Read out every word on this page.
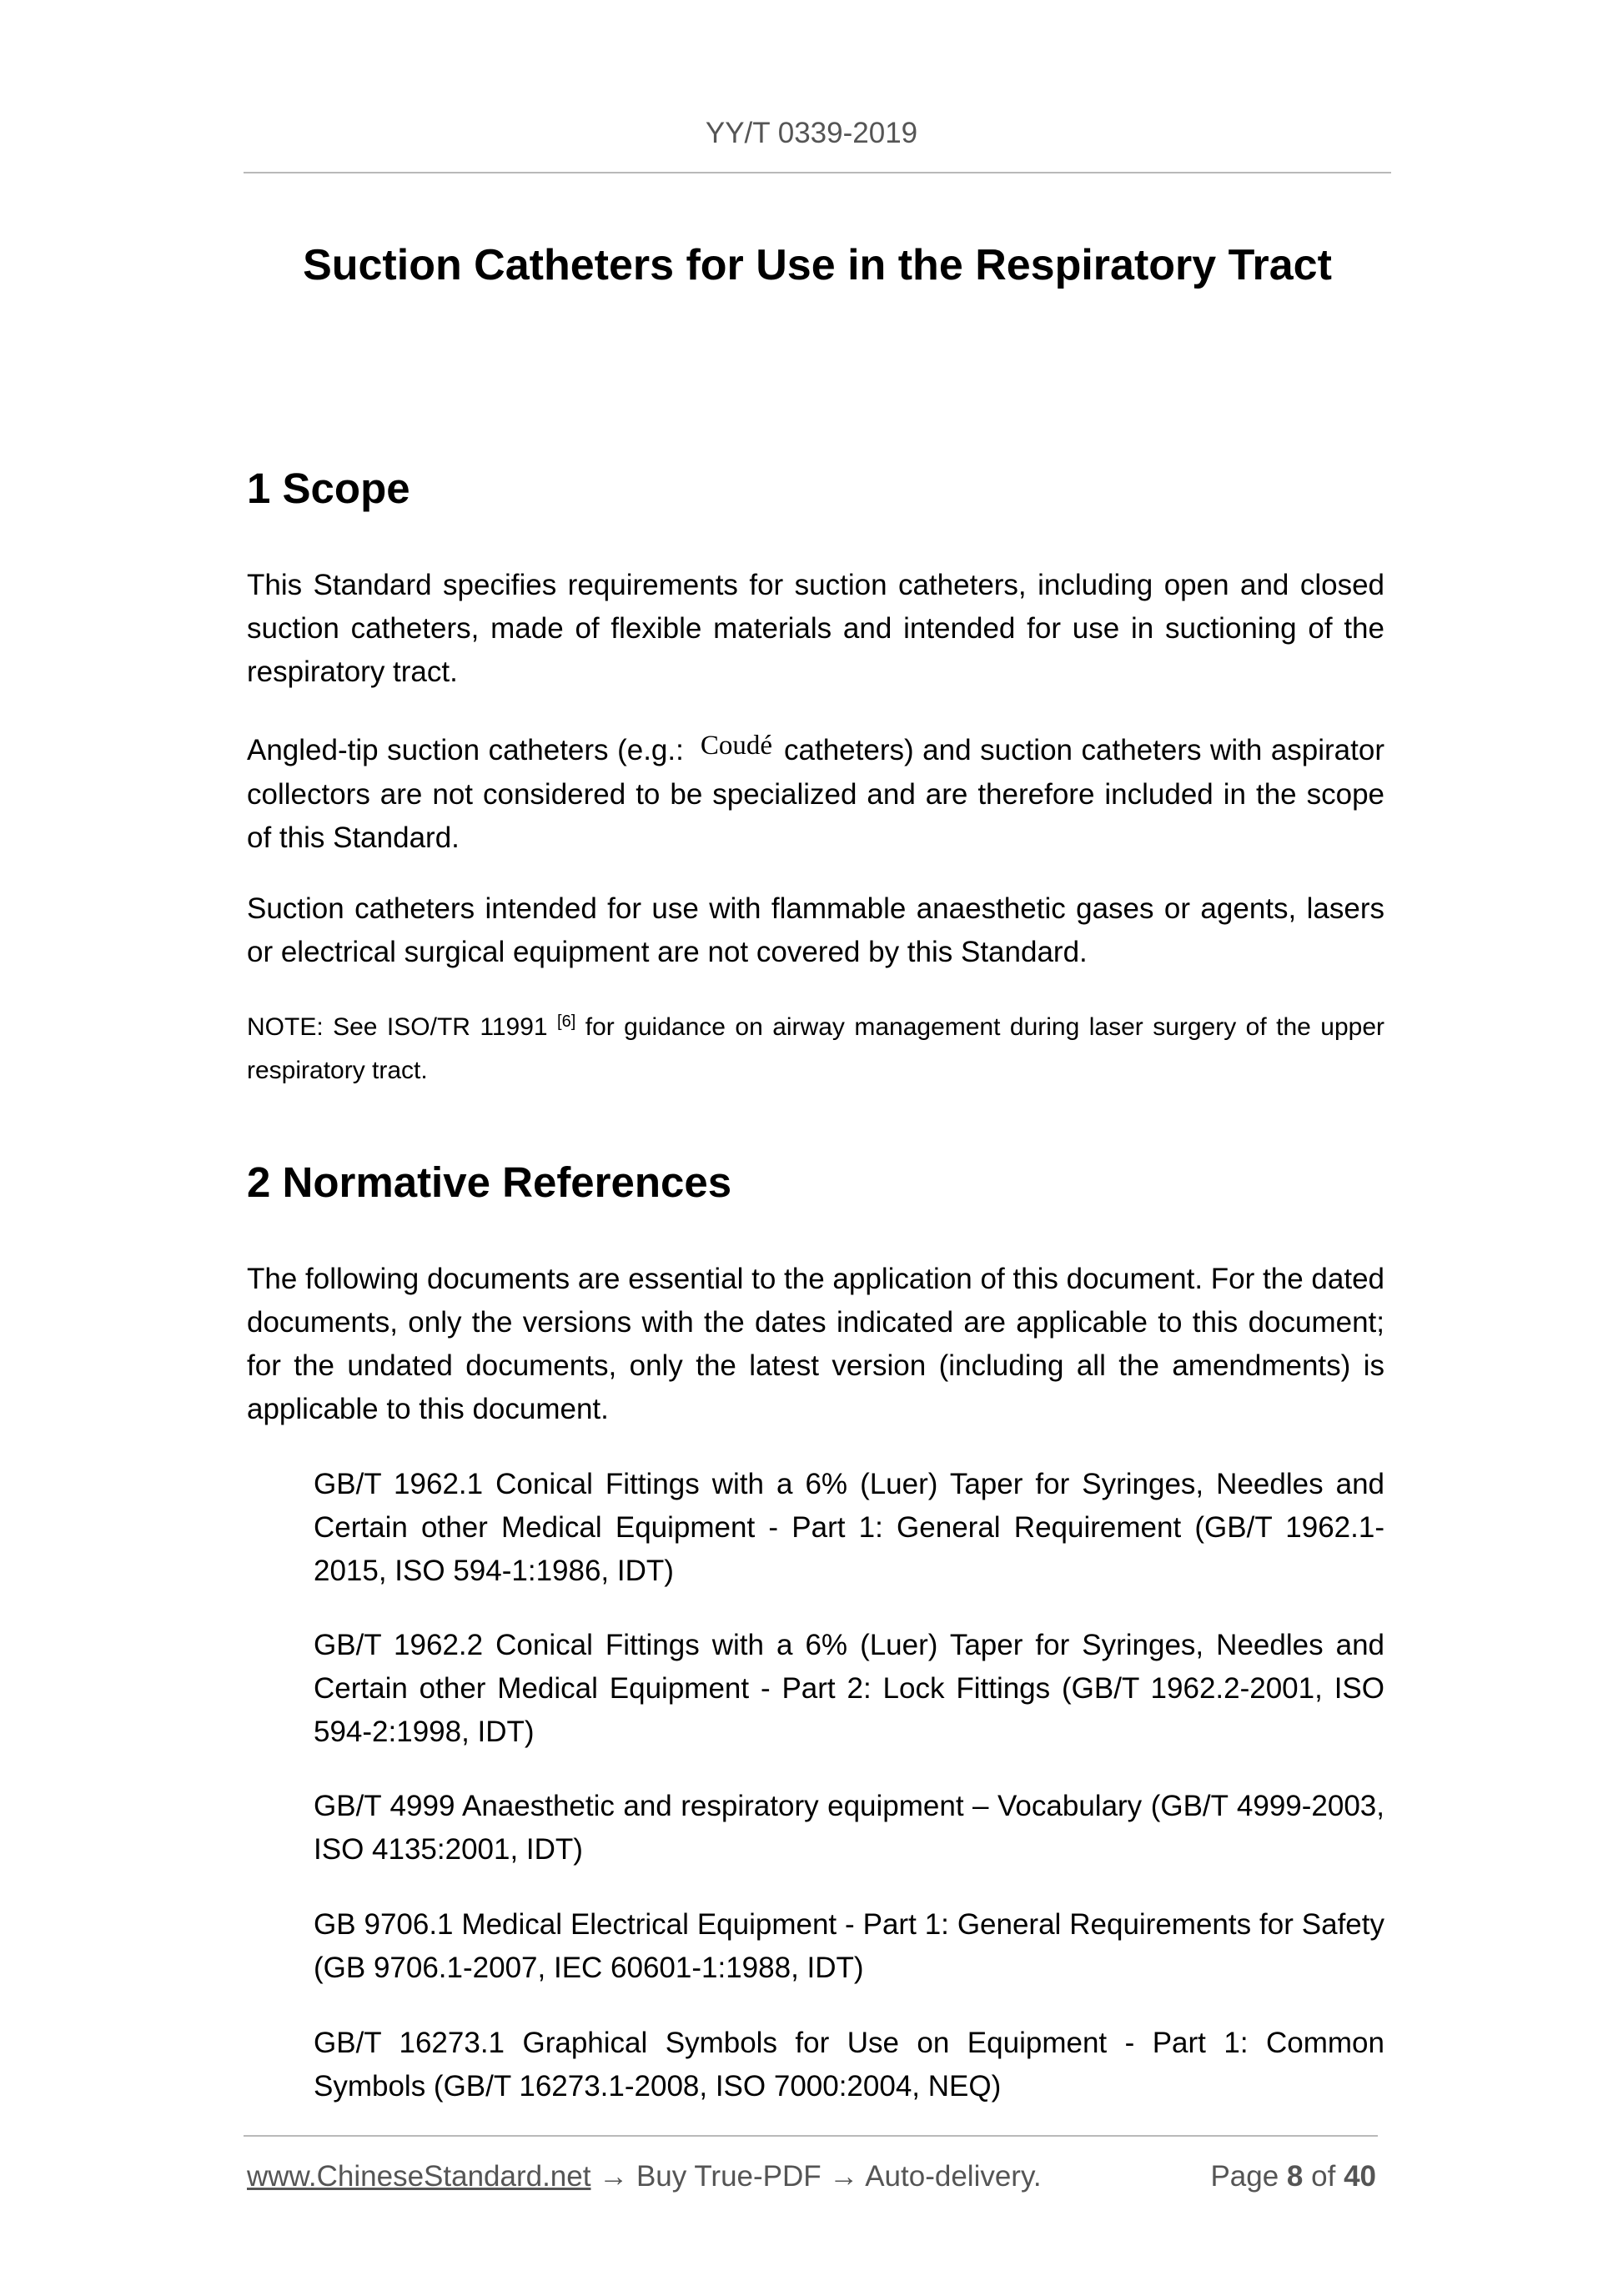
YY/T 0339-2019
Suction Catheters for Use in the Respiratory Tract
1 Scope

This Standard specifies requirements for suction catheters, including open and closed suction catheters, made of flexible materials and intended for use in suctioning of the respiratory tract.

Angled-tip suction catheters (e.g.: Coudé catheters) and suction catheters with aspirator collectors are not considered to be specialized and are therefore included in the scope of this Standard.

Suction catheters intended for use with flammable anaesthetic gases or agents, lasers or electrical surgical equipment are not covered by this Standard.

NOTE: See ISO/TR 11991 [6] for guidance on airway management during laser surgery of the upper respiratory tract.

2 Normative References

The following documents are essential to the application of this document. For the dated documents, only the versions with the dates indicated are applicable to this document; for the undated documents, only the latest version (including all the amendments) is applicable to this document.

GB/T 1962.1 Conical Fittings with a 6% (Luer) Taper for Syringes, Needles and Certain other Medical Equipment - Part 1: General Requirement (GB/T 1962.1-2015, ISO 594-1:1986, IDT)

GB/T 1962.2 Conical Fittings with a 6% (Luer) Taper for Syringes, Needles and Certain other Medical Equipment - Part 2: Lock Fittings (GB/T 1962.2-2001, ISO 594-2:1998, IDT)

GB/T 4999 Anaesthetic and respiratory equipment – Vocabulary (GB/T 4999-2003, ISO 4135:2001, IDT)

GB 9706.1 Medical Electrical Equipment - Part 1: General Requirements for Safety (GB 9706.1-2007, IEC 60601-1:1988, IDT)

GB/T 16273.1 Graphical Symbols for Use on Equipment - Part 1: Common Symbols (GB/T 16273.1-2008, ISO 7000:2004, NEQ)

www.ChineseStandard.net → Buy True-PDF → Auto-delivery.	Page 8 of 40
